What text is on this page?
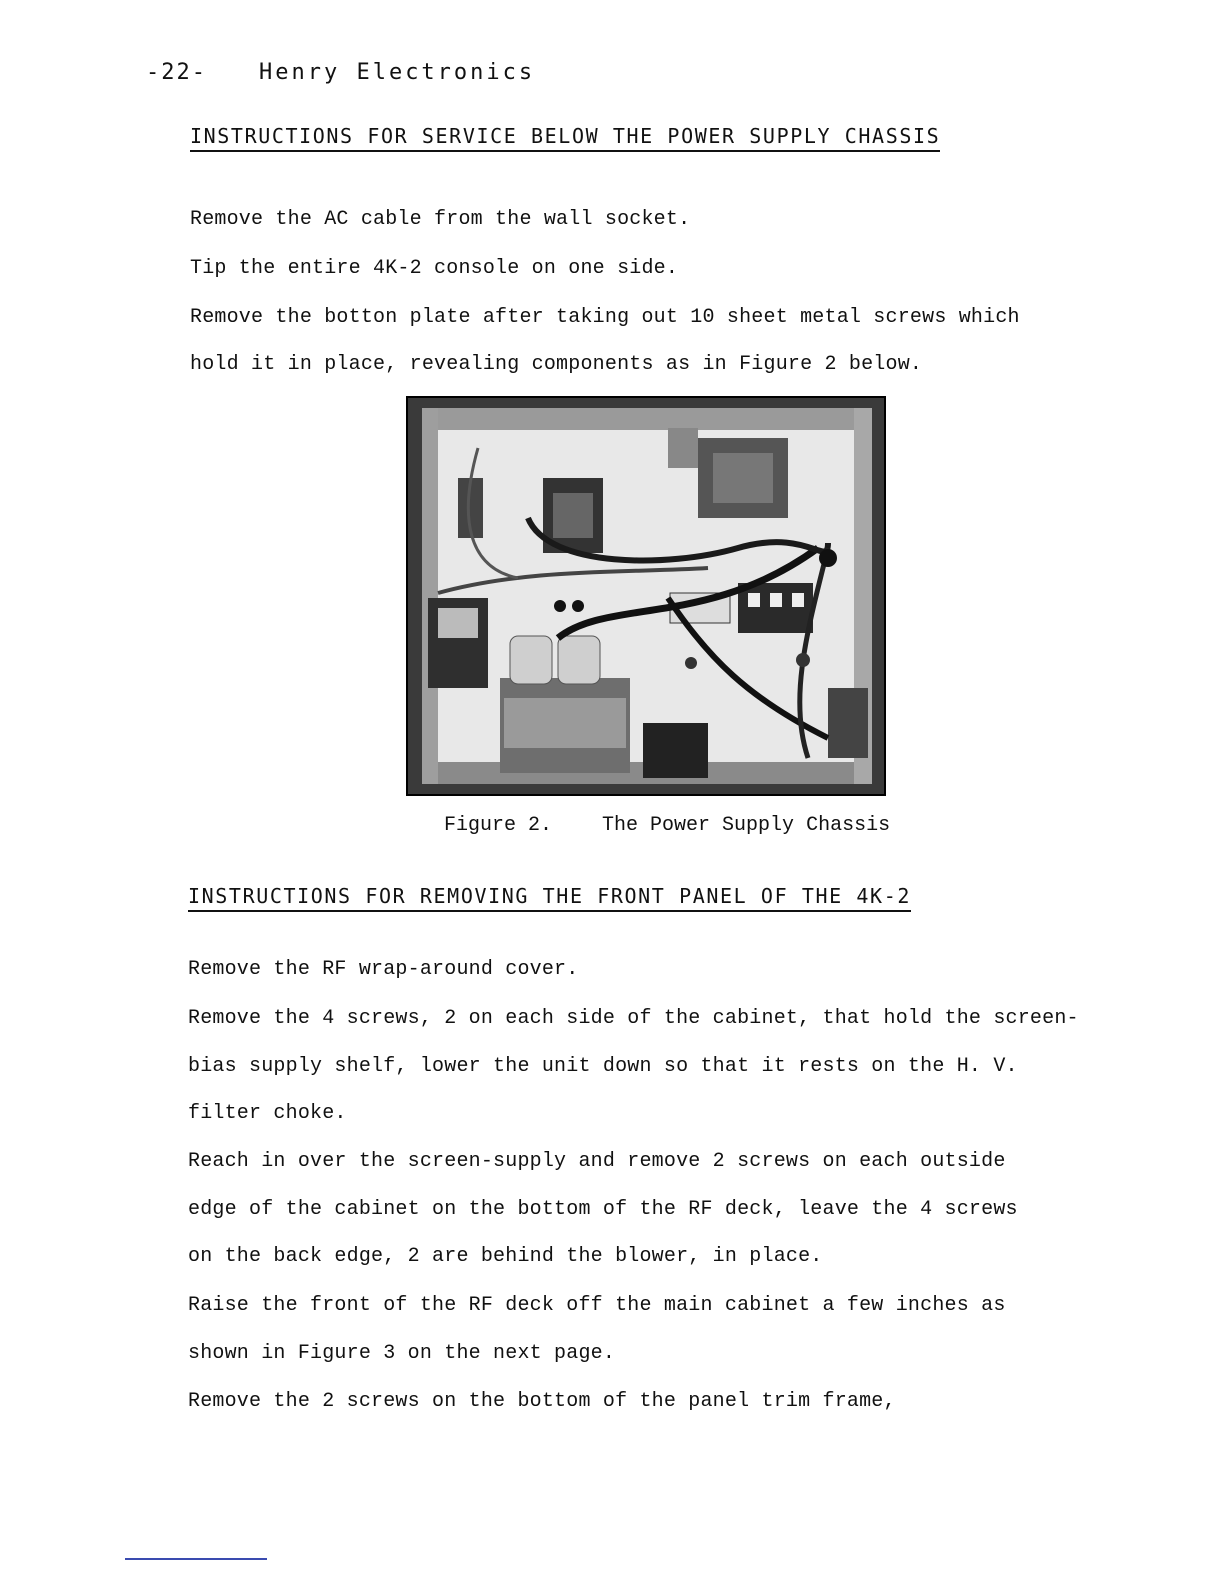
-22- Henry Electronics
INSTRUCTIONS FOR SERVICE BELOW THE POWER SUPPLY CHASSIS
Remove the AC cable from the wall socket.
Tip the entire 4K-2 console on one side.
Remove the botton plate after taking out 10 sheet metal screws which
hold it in place, revealing components as in Figure 2 below.
Figure 2.	The Power Supply Chassis
INSTRUCTIONS FOR REMOVING THE FRONT PANEL OF THE 4K-2
Remove the RF wrap-around cover.
Remove the 4 screws, 2 on each side of the cabinet, that hold the screen-
bias supply shelf, lower the unit down so that it rests on the H. V.
filter choke.
Reach in over the screen-supply and remove 2 screws on each outside
edge of the cabinet on the bottom of the RF deck, leave the 4 screws
on the back edge, 2 are behind the blower, in place.
Raise the front of the RF deck off the main cabinet a few inches as
shown in Figure 3 on the next page.
Remove the 2 screws on the bottom of the panel trim frame,
